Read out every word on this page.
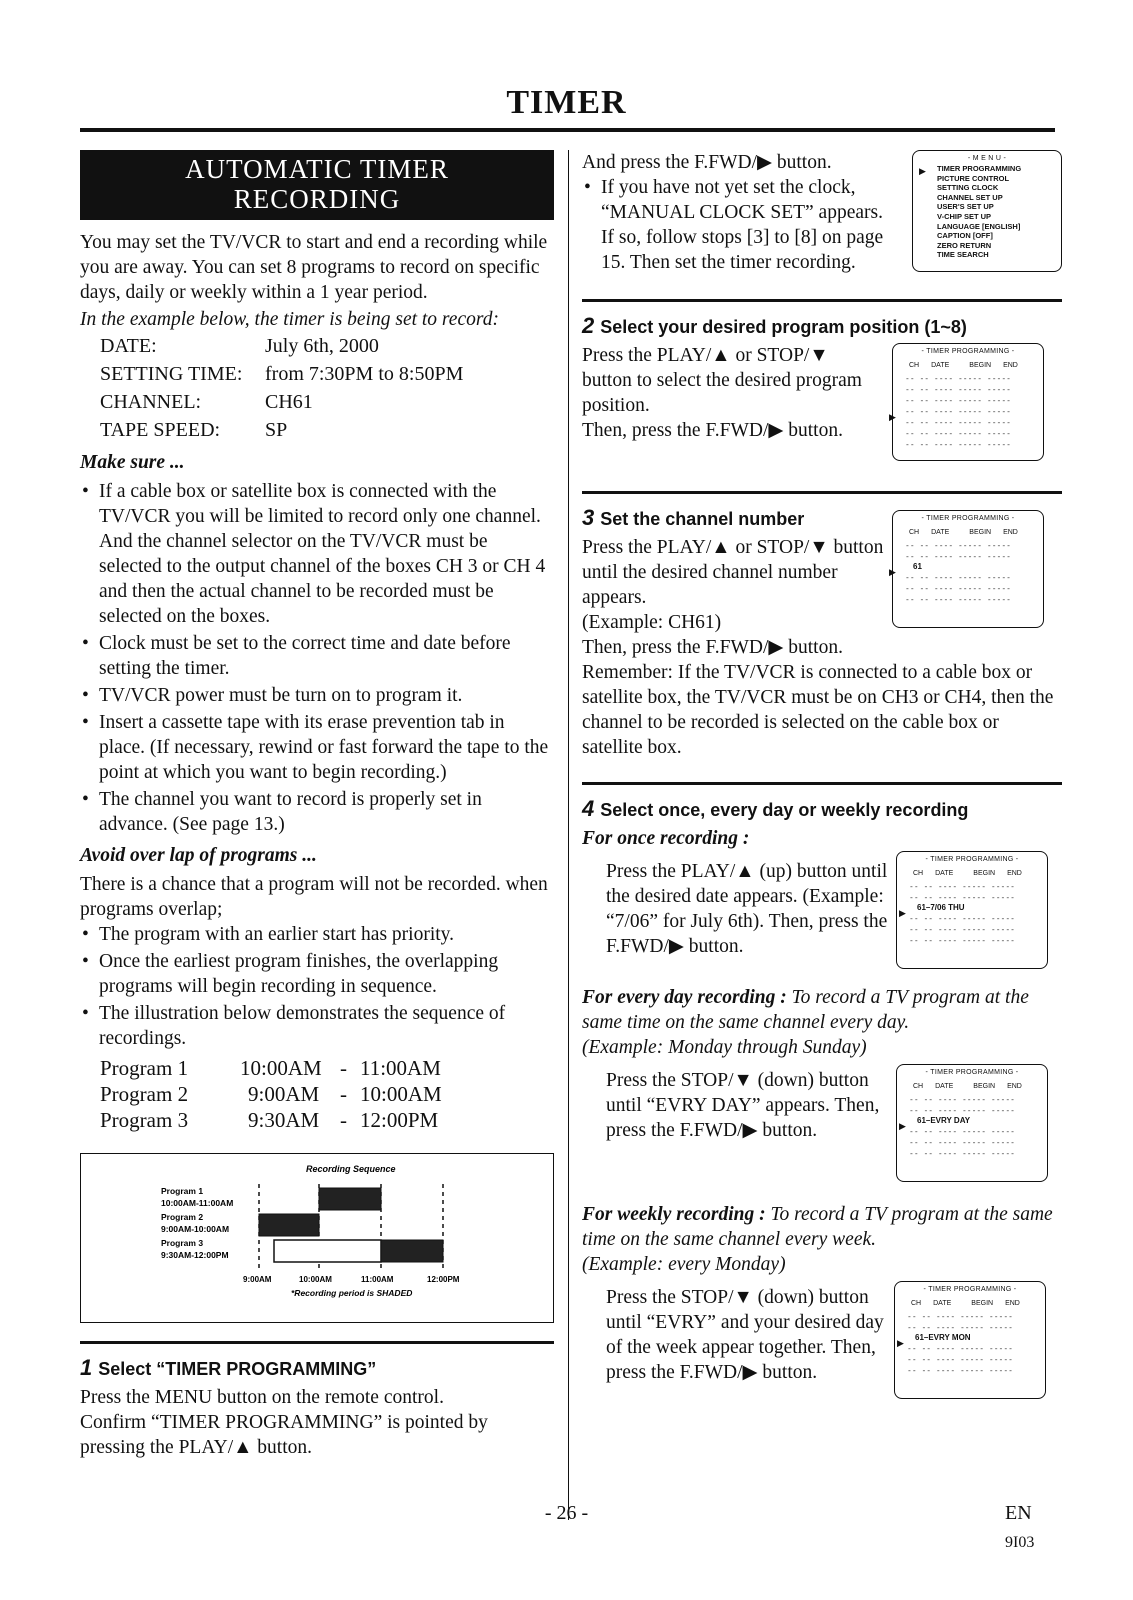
TIMER
AUTOMATIC TIMER
RECORDING

You may set the TV/VCR to start and end a recording while you are away. You can set 8 programs to record on specific days, daily or weekly within a 1 year period.

In the example below, the timer is being set to record:

DATE:	July 6th, 2000
SETTING TIME:	from 7:30PM to 8:50PM
CHANNEL:	CH61
TAPE SPEED:	SP

Make sure ...

• If a cable box or satellite box is connected with the TV/VCR you will be limited to record only one channel. And the channel selector on the TV/VCR must be selected to the output channel of the boxes CH 3 or CH 4 and then the actual channel to be recorded must be selected on the boxes.
• Clock must be set to the correct time and date before setting the timer.
• TV/VCR power must be turn on to program it.
• Insert a cassette tape with its erase prevention tab in place. (If necessary, rewind or fast forward the tape to the point at which you want to begin recording.)
• The channel you want to record is properly set in advance. (See page 13.)

Avoid over lap of programs ...

There is a chance that a program will not be recorded. when programs overlap;

• The program with an earlier start has priority.
• Once the earliest program finishes, the overlapping programs will begin recording in sequence.
• The illustration below demonstrates the sequence of recordings.
Program 1	10:00AM	-	11:00AM
Program 2	9:00AM	-	10:00AM
Program 3	9:30AM	-	12:00PM
Recording Sequence
Program 1
10:00AM-11:00AM
Program 2
9:00AM-10:00AM
Program 3
9:30AM-12:00PM
9:00AM	10:00AM	11:00AM	12:00PM
*Recording period is SHADED
1 Select “TIMER PROGRAMMING”

Press the MENU button on the remote control.

Confirm “TIMER PROGRAMMING” is pointed by pressing the PLAY/▲ button.

And press the F.FWD/▶ button.

• If you have not yet set the clock, “MANUAL CLOCK SET” appears. If so, follow stops [3] to [8] on page 15. Then set the timer recording.
- M E N U -
▶ TIMER PROGRAMMING
PICTURE CONTROL
SETTING CLOCK
CHANNEL SET UP
USER'S SET UP
V-CHIP SET UP
LANGUAGE [ENGLISH]
CAPTION [OFF]
ZERO RETURN
TIME SEARCH
2 Select your desired program position (1~8)

Press the PLAY/▲ or STOP/▼ button to select the desired program position.

Then, press the F.FWD/▶ button.

- TIMER PROGRAMMING -
CH DATE	BEGIN END
-- -- ---- ----- -----
-- -- ---- ----- -----
-- -- ---- ----- -----
-- -- ---- ----- -----
-- -- ---- ----- -----
-- -- ---- ----- -----
-- -- ---- ----- -----
▶
3 Set the channel number

Press the PLAY/▲ or STOP/▼ button until the desired channel number appears.

(Example: CH61)

- TIMER PROGRAMMING -
CH DATE	BEGIN END
-- -- ---- ----- -----
-- -- ---- ----- -----
61
-- -- ---- ----- -----
-- -- ---- ----- -----
-- -- ---- ----- -----
▶

Then, press the F.FWD/▶ button.

Remember: If the TV/VCR is connected to a cable box or satellite box, the TV/VCR must be on CH3 or CH4, then the channel to be recorded is selected on the cable box or satellite box.

4 Select once, every day or weekly recording

For once recording :

Press the PLAY/▲ (up) button until the desired date appears. (Example: “7/06” for July 6th). Then, press the F.FWD/▶ button.

- TIMER PROGRAMMING -
CH DATE	BEGIN END
-- -- ---- ----- -----
-- -- ---- ----- -----
61–7/06 THU
-- -- ---- ----- -----
-- -- ---- ----- -----
-- -- ---- ----- -----
▶

For every day recording : To record a TV program at the same time on the same channel every day.

(Example: Monday through Sunday)

Press the STOP/▼ (down) button until “EVRY DAY” appears. Then, press the F.FWD/▶ button.

- TIMER PROGRAMMING -
CH DATE	BEGIN END
-- -- ---- ----- -----
-- -- ---- ----- -----
61–EVRY DAY
-- -- ---- ----- -----
-- -- ---- ----- -----
-- -- ---- ----- -----
▶

For weekly recording : To record a TV program at the same time on the same channel every week.

(Example: every Monday)

Press the STOP/▼ (down) button until “EVRY” and your desired day of the week appear together. Then, press the F.FWD/▶ button.

- TIMER PROGRAMMING -
CH DATE	BEGIN END
-- -- ---- ----- -----
-- -- ---- ----- -----
61–EVRY MON
-- -- ---- ----- -----
-- -- ---- ----- -----
-- -- ---- ----- -----
▶
- 26 -	EN
9I03
